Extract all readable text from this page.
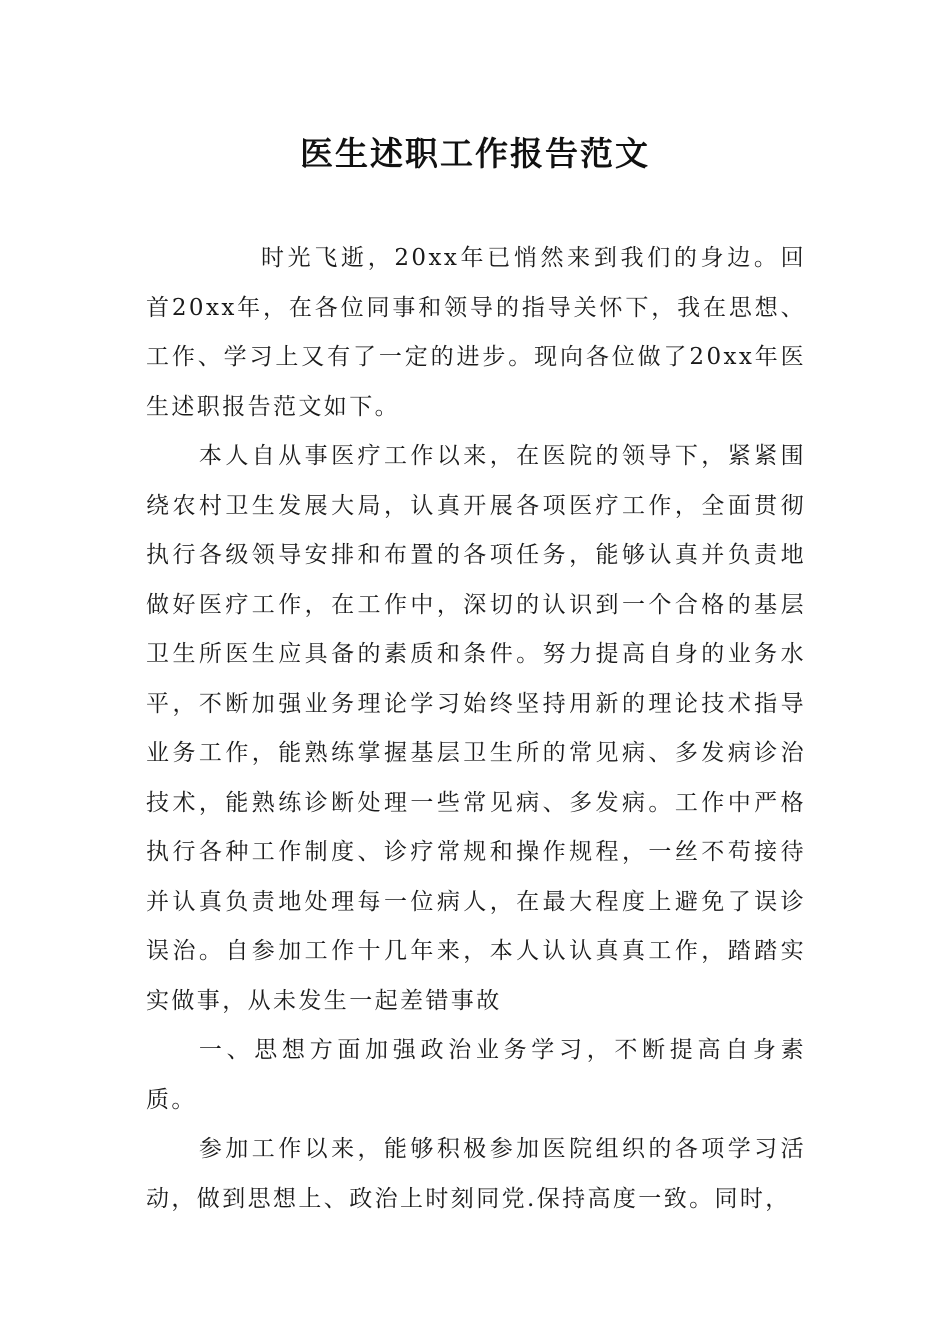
医生述职工作报告范文

时光飞逝，20xx年已悄然来到我们的身边。回首20xx年，在各位同事和领导的指导关怀下，我在思想、工作、学习上又有了一定的进步。现向各位做了20xx年医生述职报告范文如下。

本人自从事医疗工作以来，在医院的领导下，紧紧围绕农村卫生发展大局，认真开展各项医疗工作，全面贯彻执行各级领导安排和布置的各项任务，能够认真并负责地做好医疗工作，在工作中，深切的认识到一个合格的基层卫生所医生应具备的素质和条件。努力提高自身的业务水平，不断加强业务理论学习始终坚持用新的理论技术指导业务工作，能熟练掌握基层卫生所的常见病、多发病诊治技术，能熟练诊断处理一些常见病、多发病。工作中严格执行各种工作制度、诊疗常规和操作规程，一丝不苟接待并认真负责地处理每一位病人，在最大程度上避免了误诊误治。自参加工作十几年来，本人认认真真工作，踏踏实实做事，从未发生一起差错事故

一、思想方面加强政治业务学习，不断提高自身素质。

参加工作以来，能够积极参加医院组织的各项学习活动，做到思想上、政治上时刻同党.保持高度一致。同时，
